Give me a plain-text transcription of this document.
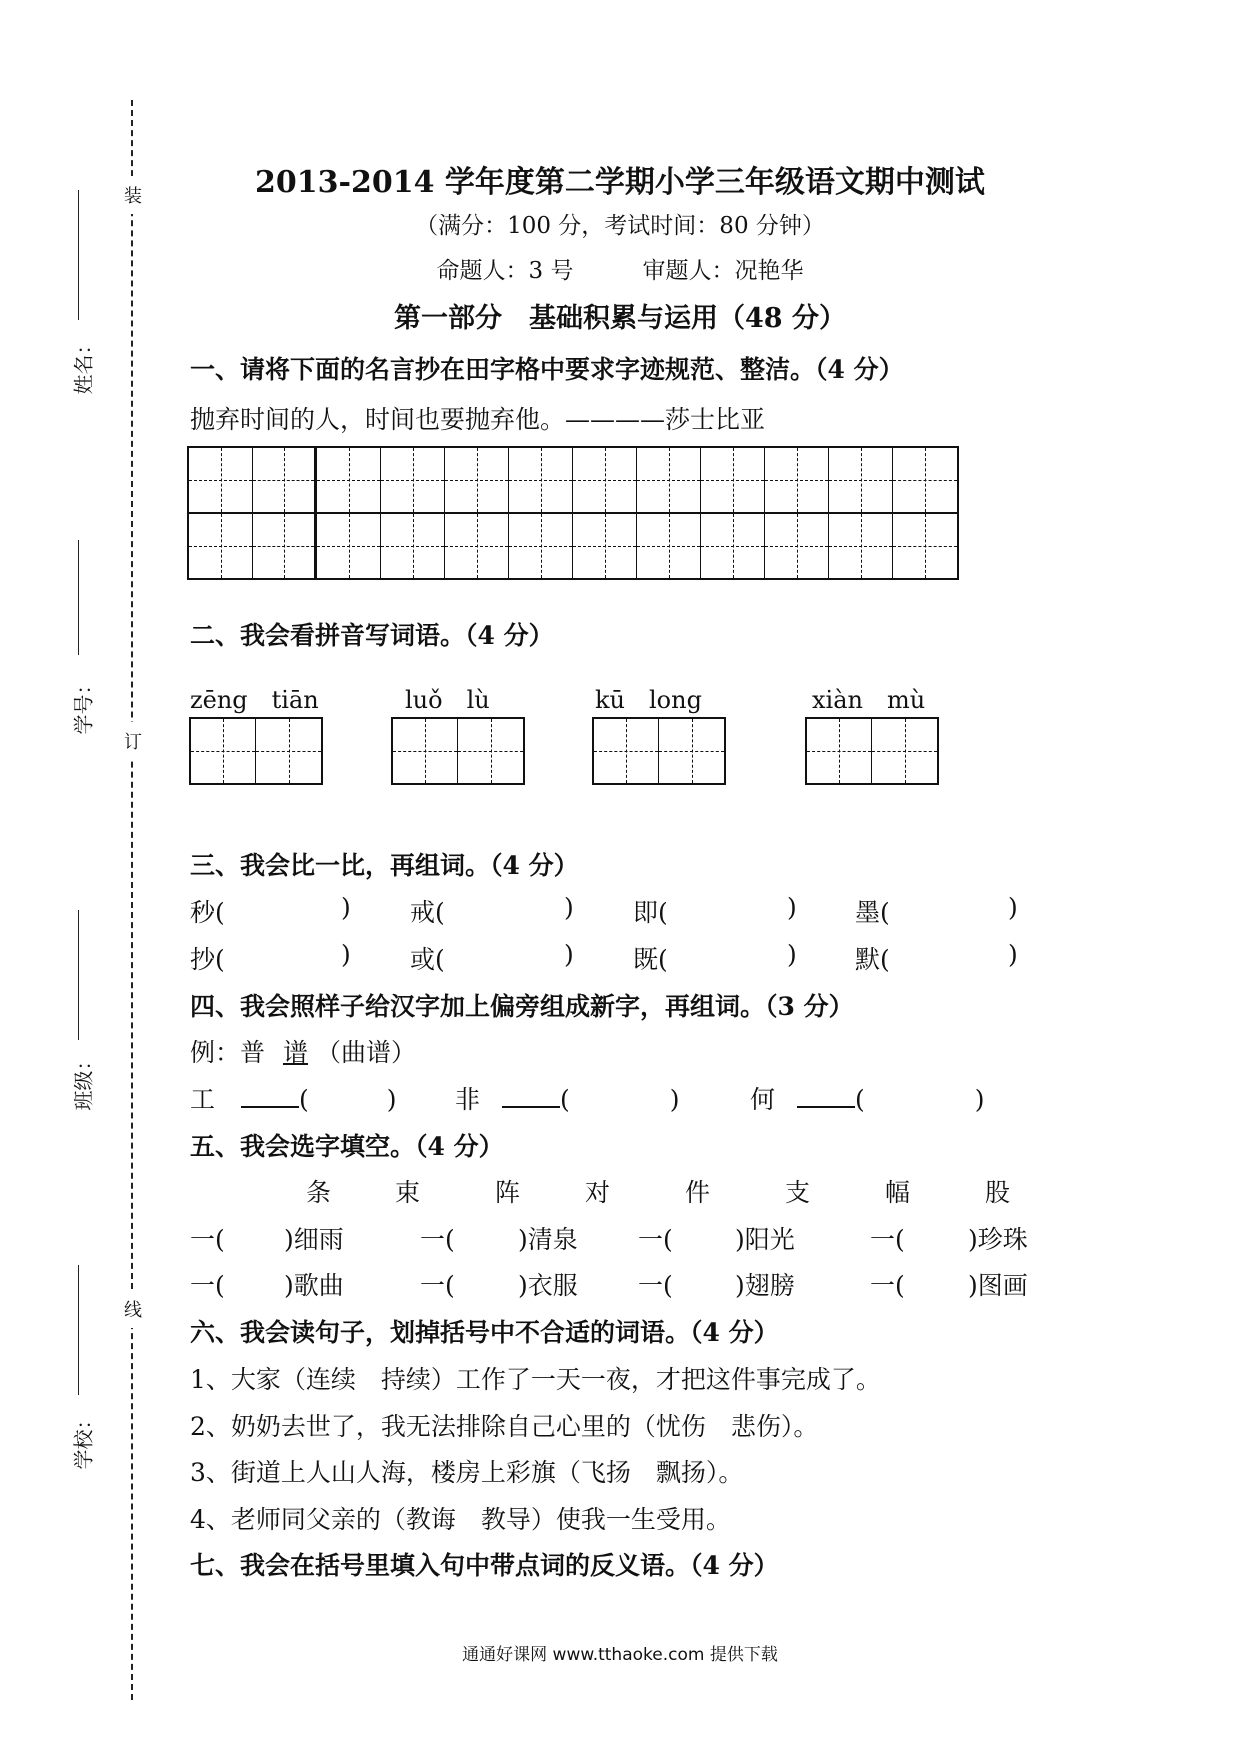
装
订
线
姓名：
学号：
班级：
学校：
2013-2014 学年度第二学期小学三年级语文期中测试
（满分：100 分，考试时间：80 分钟）
命题人：3 号　　　审题人：况艳华
第一部分　基础积累与运用（48 分）
一、请将下面的名言抄在田字格中要求字迹规范、整洁。（4 分）
抛弃时间的人，时间也要抛弃他。————莎士比亚
二、我会看拼音写词语。（4 分）
zēng　tiān	luǒ　lù	kū　long	xiàn　mù
三、我会比一比，再组词。（4 分）
秒(	) 戒(	) 即(	) 墨(	)
抄(	) 或(	) 既(	) 默(	)
四、我会照样子给汉字加上偏旁组成新字，再组词。（3 分）
例：普 谱 （曲谱）
工	(	) 非	(	)	何	(	)
五、我会选字填空。（4 分）
条	束	阵	对	件	支	幅	股
一( )细雨	一(	)清泉 一( )阳光	一(	)珍珠
一( )歌曲	一(	)衣服 一( )翅膀	一(	)图画
六、我会读句子，划掉括号中不合适的词语。（4 分）
1、大家（连续　持续）工作了一天一夜，才把这件事完成了。
2、奶奶去世了，我无法排除自己心里的（忧伤　悲伤）。
3、街道上人山人海，楼房上彩旗（飞扬　飘扬）。
4、老师同父亲的（教诲　教导）使我一生受用。
七、我会在括号里填入句中带点词的反义语。（4 分）
通通好课网 www.tthaoke.com 提供下载
